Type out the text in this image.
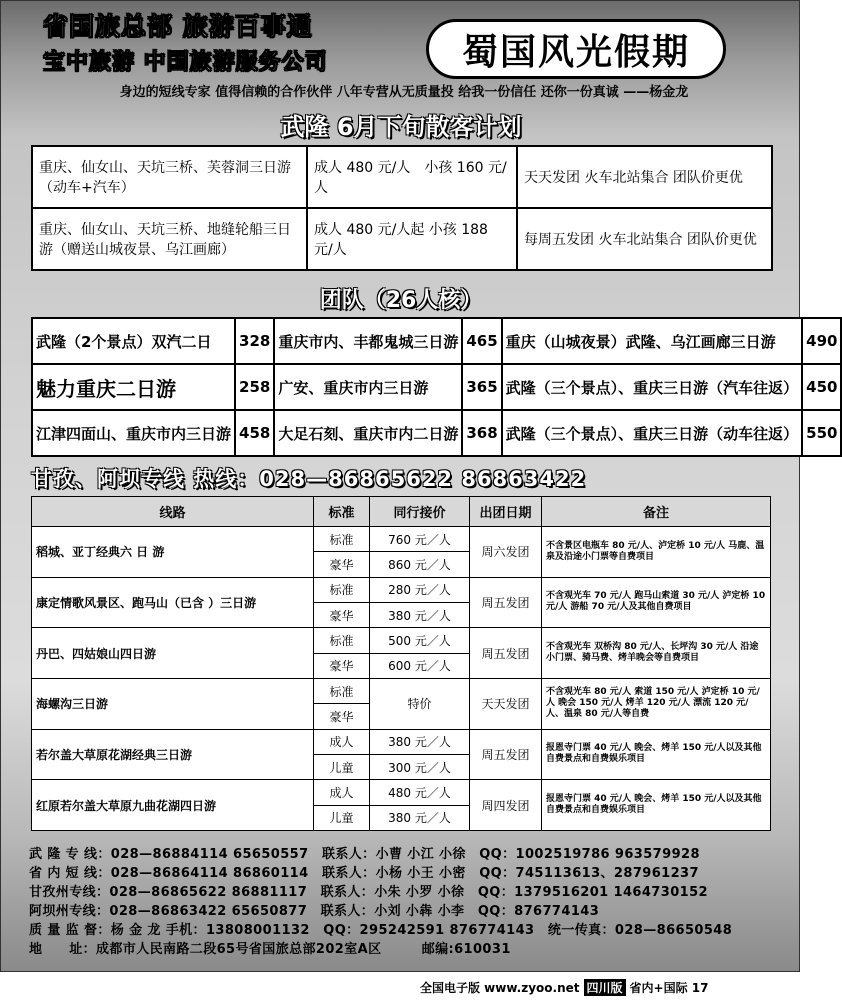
省国旅总部 旅游百事通
宝中旅游 中国旅游服务公司	蜀国风光假期
身边的短线专家 值得信赖的合作伙伴 八年专营从无质量投 给我一份信任 还你一份真诚 ——杨金龙
武隆 6月下旬散客计划
重庆、仙女山、天坑三桥、芙蓉洞三日游（动车+汽车）	成人 480 元/人　小孩 160 元/人	天天发团 火车北站集合 团队价更优
重庆、仙女山、天坑三桥、地缝轮船三日游（赠送山城夜景、乌江画廊）	成人 480 元/人起 小孩 188 元/人	每周五发团 火车北站集合 团队价更优
团队（26人核）
武隆（2个景点）双汽二日	328	重庆市内、丰都鬼城三日游	465	重庆（山城夜景）武隆、乌江画廊三日游	490
魅力重庆二日游	258	广安、重庆市内三日游	365	武隆（三个景点）、重庆三日游（汽车往返）	450
江津四面山、重庆市内三日游	458	大足石刻、重庆市内二日游	368	武隆（三个景点）、重庆三日游（动车往返）	550
甘孜、阿坝专线 热线：028—86865622 86863422
线路	标准	同行接价	出团日期	备注
稻城、亚丁经典六 日 游	标准	760 元／人	周六发团	不含景区电瓶车 80 元/人、泸定桥 10 元/人 马鹿、温泉及沿途小门票等自费项目
	豪华	860 元／人		
康定情歌风景区、跑马山（已含 ）三日游	标准	280 元／人	周五发团	不含观光车 70 元/人 跑马山索道 30 元/人 泸定桥 10 元/人 游船 70 元/人及其他自费项目
	豪华	380 元／人		
丹巴、四姑娘山四日游	标准	500 元／人	周五发团	不含观光车 双桥沟 80 元/人、长坪沟 30 元/人 沿途小门票、骑马费、烤羊晚会等自费项目
	豪华	600 元／人		
海螺沟三日游	标准	特价	天天发团	不含观光车 80 元/人 索道 150 元/人 泸定桥 10 元/人 晚会 150 元/人 烤羊 120 元/人 漂流 120 元/人、温泉 80 元/人等自费
	豪华			
若尔盖大草原花湖经典三日游	成人	380 元／人	周五发团	报恩寺门票 40 元/人 晚会、烤羊 150 元/人以及其他自费景点和自费娱乐项目
	儿童	300 元／人		
红原若尔盖大草原九曲花湖四日游	成人	480 元／人	周四发团	报恩寺门票 40 元/人 晚会、烤羊 150 元/人以及其他自费景点和自费娱乐项目
	儿童	380 元／人		
武 隆 专 线：028—86884114 65650557　联系人：小曹 小江 小徐　QQ：1002519786 963579928
省 内 短 线：028—86864114 86860114　联系人：小杨 小王 小密　QQ：745113613、287961237
甘孜州专线：028—86865622 86881117　联系人：小朱 小罗 小徐　QQ：1379516201 1464730152
阿坝州专线：028—86863422 65650877　联系人：小刘 小犇 小李　QQ：876774143
质 量 监 督：杨 金 龙 手机：13808001132　QQ：295242591 876774143　统一传真：028—86650548
地　　址：成都市人民南路二段65号省国旅总部202室A区　　　邮编:610031
全国电子版 www.zyoo.net 四川版 省内+国际 17
